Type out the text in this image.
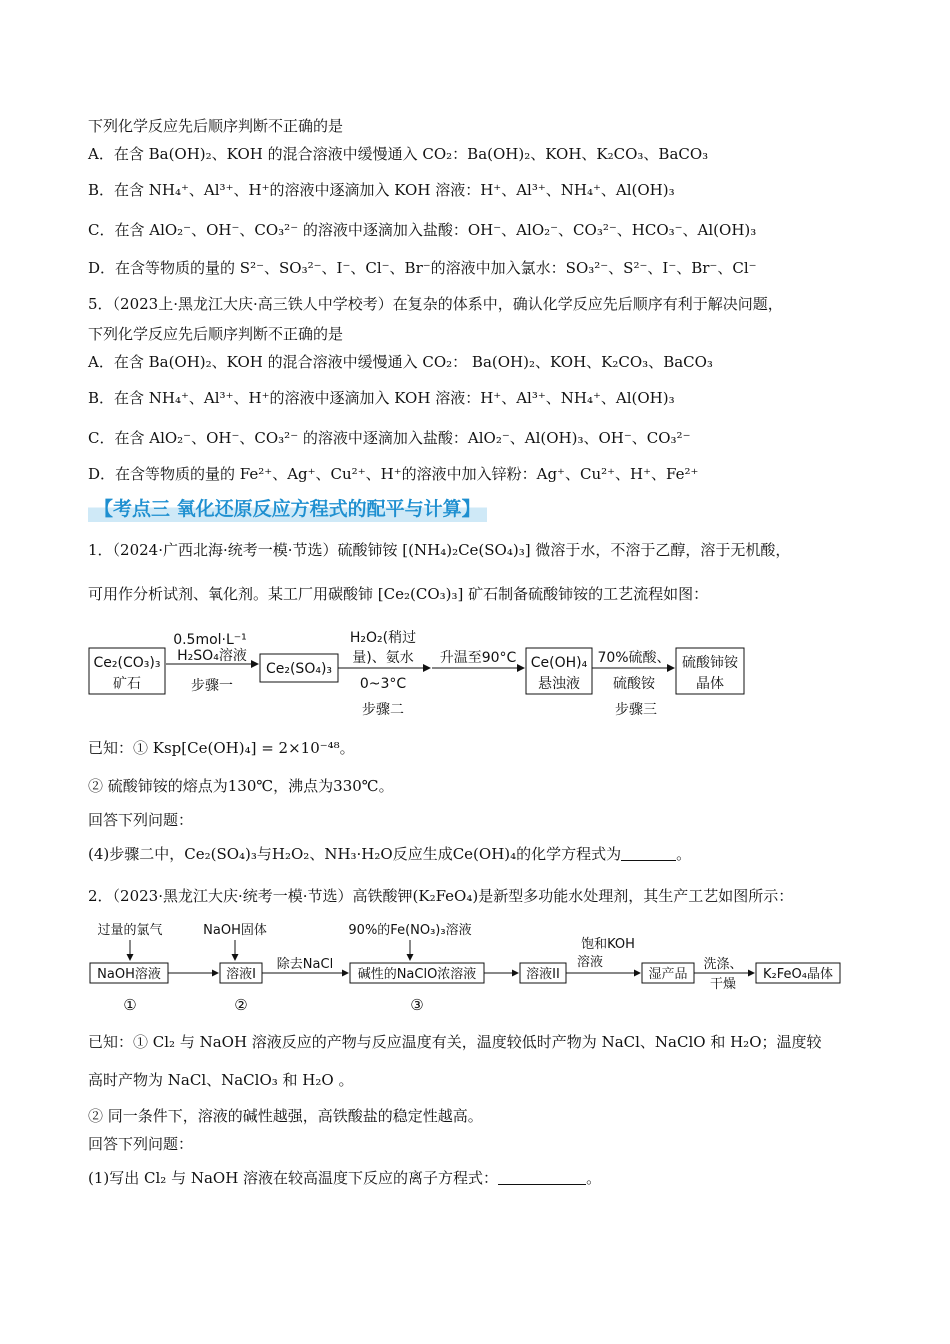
下列化学反应先后顺序判断不正确的是
A．在含 Ba(OH)₂、KOH 的混合溶液中缓慢通入 CO₂：Ba(OH)₂、KOH、K₂CO₃、BaCO₃
B．在含 NH₄⁺、Al³⁺、H⁺的溶液中逐滴加入 KOH 溶液：H⁺、Al³⁺、NH₄⁺、Al(OH)₃
C．在含 AlO₂⁻、OH⁻、CO₃²⁻ 的溶液中逐滴加入盐酸：OH⁻、AlO₂⁻、CO₃²⁻、HCO₃⁻、Al(OH)₃
D．在含等物质的量的 S²⁻、SO₃²⁻、I⁻、Cl⁻、Br⁻的溶液中加入氯水：SO₃²⁻、S²⁻、I⁻、Br⁻、Cl⁻
5．（2023上·黑龙江大庆·高三铁人中学校考）在复杂的体系中，确认化学反应先后顺序有利于解决问题，
下列化学反应先后顺序判断不正确的是
A．在含 Ba(OH)₂、KOH 的混合溶液中缓慢通入 CO₂： Ba(OH)₂、KOH、K₂CO₃、BaCO₃
B．在含 NH₄⁺、Al³⁺、H⁺的溶液中逐滴加入 KOH 溶液：H⁺、Al³⁺、NH₄⁺、Al(OH)₃
C．在含 AlO₂⁻、OH⁻、CO₃²⁻ 的溶液中逐滴加入盐酸：AlO₂⁻、Al(OH)₃、OH⁻、CO₃²⁻
D．在含等物质的量的 Fe²⁺、Ag⁺、Cu²⁺、H⁺的溶液中加入锌粉：Ag⁺、Cu²⁺、H⁺、Fe²⁺
【考点三 氧化还原反应方程式的配平与计算】
1．（2024·广西北海·统考一模·节选）硫酸铈铵 [(NH₄)₂Ce(SO₄)₃] 微溶于水，不溶于乙醇，溶于无机酸，
可用作分析试剂、氧化剂。某工厂用碳酸铈 [Ce₂(CO₃)₃] 矿石制备硫酸铈铵的工艺流程如图：
Ce₂(CO₃)₃
矿石
0.5mol·L⁻¹
H₂SO₄溶液
步骤一
Ce₂(SO₄)₃
H₂O₂(稍过
量)、氨水
0~3°C
步骤二
升温至90°C Ce(OH)₄
悬浊液
70%硫酸、
硫酸铵
步骤三
硫酸铈铵
晶体
已知：① Ksp[Ce(OH)₄] = 2×10⁻⁴⁸。
② 硫酸铈铵的熔点为130℃，沸点为330℃。
回答下列问题：
(4)步骤二中，Ce₂(SO₄)₃与H₂O₂、NH₃·H₂O反应生成Ce(OH)₄的化学方程式为	。
2．（2023·黑龙江大庆·统考一模·节选）高铁酸钾(K₂FeO₄)是新型多功能水处理剂，其生产工艺如图所示：
过量的氯气	NaOH固体	90%的Fe(NO₃)₃溶液
饱和KOH
溶液
NaOH溶液	溶液I
除去NaCl
碱性的NaClO浓溶液	溶液II	湿产品
洗涤、
干燥
K₂FeO₄晶体
①	②	③
已知：① Cl₂ 与 NaOH 溶液反应的产物与反应温度有关，温度较低时产物为 NaCl、NaClO 和 H₂O；温度较
高时产物为 NaCl、NaClO₃ 和 H₂O 。
② 同一条件下，溶液的碱性越强，高铁酸盐的稳定性越高。
回答下列问题：
(1)写出 Cl₂ 与 NaOH 溶液在较高温度下反应的离子方程式：	。
